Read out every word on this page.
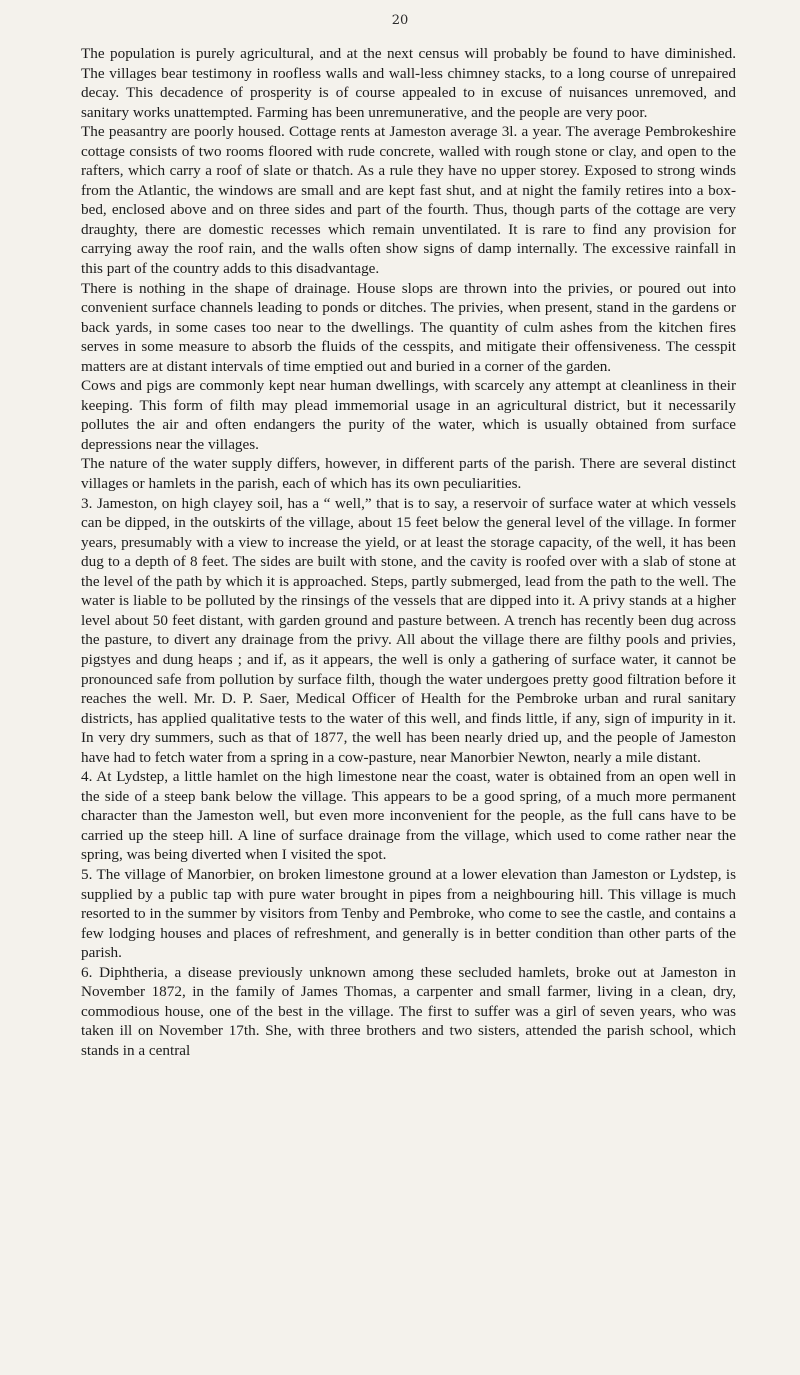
20

The population is purely agricultural, and at the next census will probably be found to have diminished. The villages bear testimony in roofless walls and wall-less chimney stacks, to a long course of unrepaired decay. This decadence of prosperity is of course appealed to in excuse of nuisances unremoved, and sanitary works unattempted. Farming has been unremunerative, and the people are very poor.

The peasantry are poorly housed. Cottage rents at Jameston average 3l. a year. The average Pembrokeshire cottage consists of two rooms floored with rude concrete, walled with rough stone or clay, and open to the rafters, which carry a roof of slate or thatch. As a rule they have no upper storey. Exposed to strong winds from the Atlantic, the windows are small and are kept fast shut, and at night the family retires into a box-bed, enclosed above and on three sides and part of the fourth. Thus, though parts of the cottage are very draughty, there are domestic recesses which remain unventilated. It is rare to find any provision for carrying away the roof rain, and the walls often show signs of damp internally. The excessive rainfall in this part of the country adds to this disadvantage.

There is nothing in the shape of drainage. House slops are thrown into the privies, or poured out into convenient surface channels leading to ponds or ditches. The privies, when present, stand in the gardens or back yards, in some cases too near to the dwellings. The quantity of culm ashes from the kitchen fires serves in some measure to absorb the fluids of the cesspits, and mitigate their offensiveness. The cesspit matters are at distant intervals of time emptied out and buried in a corner of the garden.

Cows and pigs are commonly kept near human dwellings, with scarcely any attempt at cleanliness in their keeping. This form of filth may plead immemorial usage in an agricultural district, but it necessarily pollutes the air and often endangers the purity of the water, which is usually obtained from surface depressions near the villages.

The nature of the water supply differs, however, in different parts of the parish. There are several distinct villages or hamlets in the parish, each of which has its own peculiarities.

3. Jameston, on high clayey soil, has a “ well,” that is to say, a reservoir of surface water at which vessels can be dipped, in the outskirts of the village, about 15 feet below the general level of the village. In former years, presumably with a view to increase the yield, or at least the storage capacity, of the well, it has been dug to a depth of 8 feet. The sides are built with stone, and the cavity is roofed over with a slab of stone at the level of the path by which it is approached. Steps, partly submerged, lead from the path to the well. The water is liable to be polluted by the rinsings of the vessels that are dipped into it. A privy stands at a higher level about 50 feet distant, with garden ground and pasture between. A trench has recently been dug across the pasture, to divert any drainage from the privy. All about the village there are filthy pools and privies, pigstyes and dung heaps ; and if, as it appears, the well is only a gathering of surface water, it cannot be pronounced safe from pollution by surface filth, though the water undergoes pretty good filtration before it reaches the well. Mr. D. P. Saer, Medical Officer of Health for the Pembroke urban and rural sanitary districts, has applied qualitative tests to the water of this well, and finds little, if any, sign of impurity in it. In very dry summers, such as that of 1877, the well has been nearly dried up, and the people of Jameston have had to fetch water from a spring in a cow-pasture, near Manorbier Newton, nearly a mile distant.

4. At Lydstep, a little hamlet on the high limestone near the coast, water is obtained from an open well in the side of a steep bank below the village. This appears to be a good spring, of a much more permanent character than the Jameston well, but even more inconvenient for the people, as the full cans have to be carried up the steep hill. A line of surface drainage from the village, which used to come rather near the spring, was being diverted when I visited the spot.

5. The village of Manorbier, on broken limestone ground at a lower elevation than Jameston or Lydstep, is supplied by a public tap with pure water brought in pipes from a neighbouring hill. This village is much resorted to in the summer by visitors from Tenby and Pembroke, who come to see the castle, and contains a few lodging houses and places of refreshment, and generally is in better condition than other parts of the parish.

6. Diphtheria, a disease previously unknown among these secluded hamlets, broke out at Jameston in November 1872, in the family of James Thomas, a carpenter and small farmer, living in a clean, dry, commodious house, one of the best in the village. The first to suffer was a girl of seven years, who was taken ill on November 17th. She, with three brothers and two sisters, attended the parish school, which stands in a central
